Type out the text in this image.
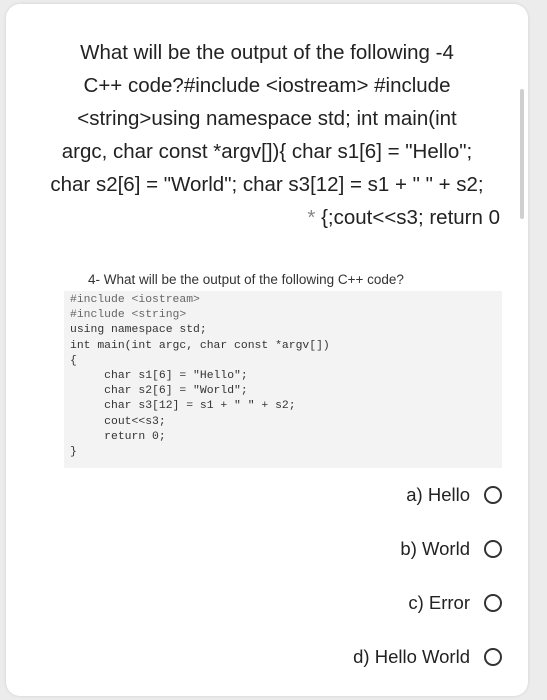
What will be the output of the following -4
C++ code?#include <iostream> #include
<string>using namespace std; int main(int
argc, char const *argv[]){ char s1[6] = "Hello";
char s2[6] = "World"; char s3[12] = s1 + " " + s2;
* {;cout<<s3; return 0
4- What will be the output of the following C++ code?
#include <iostream>
#include <string>
using namespace std;
int main(int argc, char const *argv[])
{
char s1[6] = "Hello";
char s2[6] = "World";
char s3[12] = s1 + " " + s2;
cout<<s3;
return 0;
}
a) Hello
b) World
c) Error
d) Hello World
